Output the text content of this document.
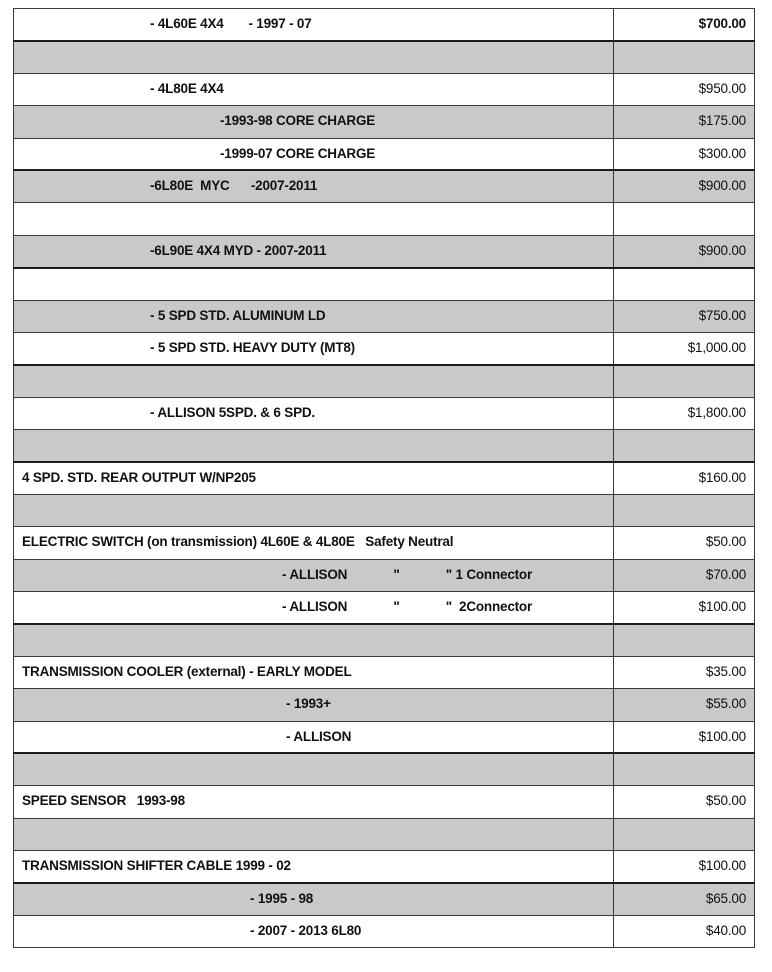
- 4L60E 4X4       - 1997 - 07	$700.00

- 4L80E 4X4	$950.00
-1993-98 CORE CHARGE	$175.00
-1999-07 CORE CHARGE	$300.00
-6L80E  MYC      -2007-2011	$900.00

-6L90E 4X4 MYD - 2007-2011	$900.00

- 5 SPD STD. ALUMINUM LD	$750.00
- 5 SPD STD. HEAVY DUTY (MT8)	$1,000.00

- ALLISON 5SPD. & 6 SPD.	$1,800.00

4 SPD. STD. REAR OUTPUT W/NP205	$160.00

ELECTRIC SWITCH (on transmission) 4L60E & 4L80E   Safety Neutral	$50.00
- ALLISON             "             " 1 Connector	$70.00
- ALLISON             "             "  2Connector	$100.00

TRANSMISSION COOLER (external) - EARLY MODEL	$35.00
- 1993+	$55.00
- ALLISON	$100.00

SPEED SENSOR   1993-98	$50.00

TRANSMISSION SHIFTER CABLE 1999 - 02	$100.00
- 1995 - 98	$65.00
- 2007 - 2013 6L80	$40.00
